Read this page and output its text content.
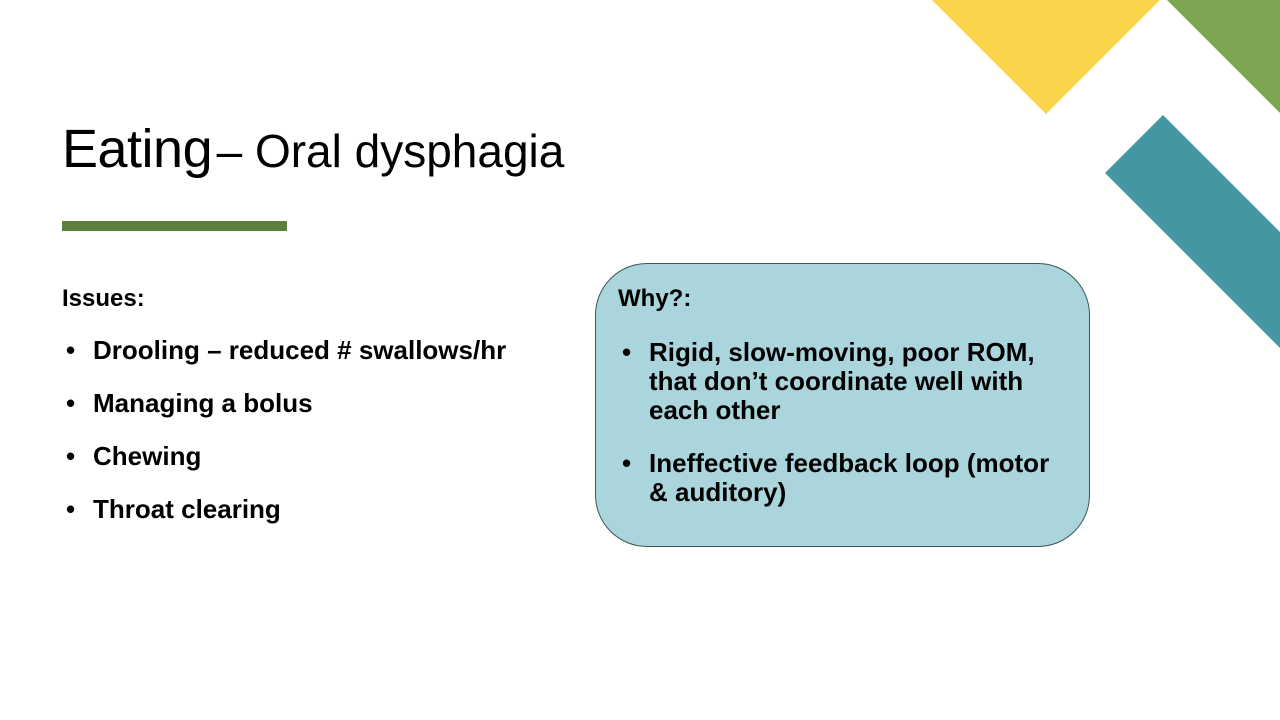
Eating – Oral dysphagia
Issues:
• Drooling – reduced # swallows/hr
• Managing a bolus
• Chewing
• Throat clearing
Why?:
• Rigid, slow-moving, poor ROM, that don’t coordinate well with each other
• Ineffective feedback loop (motor & auditory)
